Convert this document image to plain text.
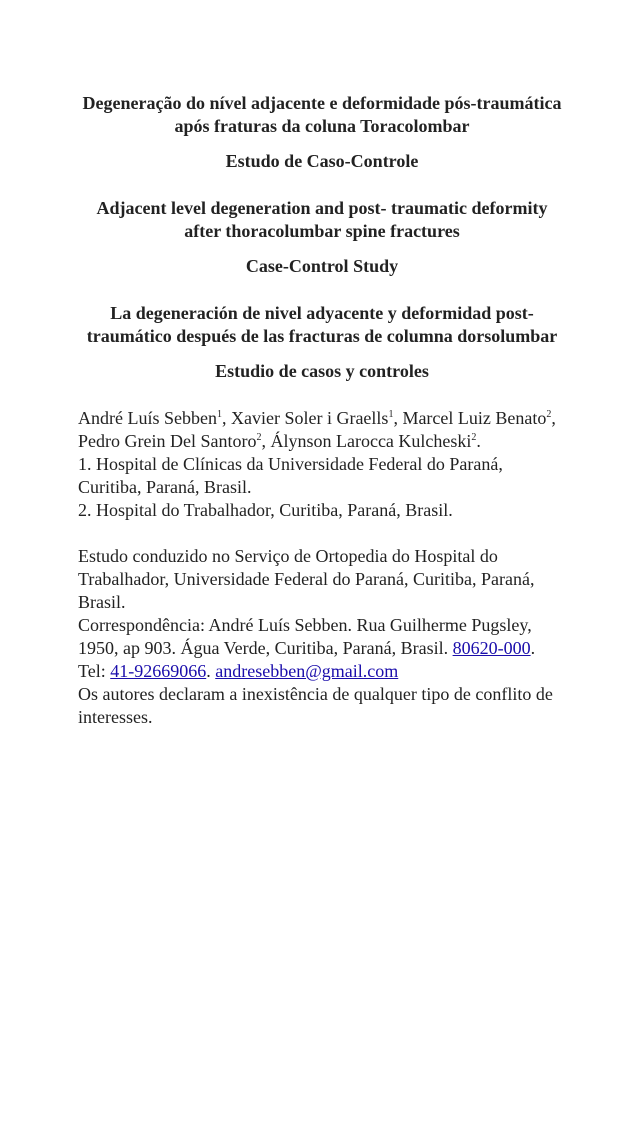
Degeneração do nível adjacente e deformidade pós-traumática após fraturas da coluna Toracolombar

Estudo de Caso-Controle

Adjacent level degeneration and post- traumatic deformity after thoracolumbar spine fractures

Case-Control Study

La degeneración de nivel adyacente y deformidad post-traumático después de las fracturas de columna dorsolumbar

Estudio de casos y controles

André Luís Sebben$^1$, Xavier Soler i Graells$^1$, Marcel Luiz Benato$^2$, Pedro Grein Del Santoro$^2$, Álynson Larocca Kulcheski$^2$.

1. Hospital de Clínicas da Universidade Federal do Paraná, Curitiba, Paraná, Brasil.

2. Hospital do Trabalhador, Curitiba, Paraná, Brasil.

Estudo conduzido no Serviço de Ortopedia do Hospital do Trabalhador, Universidade Federal do Paraná, Curitiba, Paraná, Brasil.

Correspondência: André Luís Sebben. Rua Guilherme Pugsley, 1950, ap 903. Água Verde, Curitiba, Paraná, Brasil. 80620-000. Tel: 41-92669066. andresebben@gmail.com

Os autores declaram a inexistência de qualquer tipo de conflito de interesses.
